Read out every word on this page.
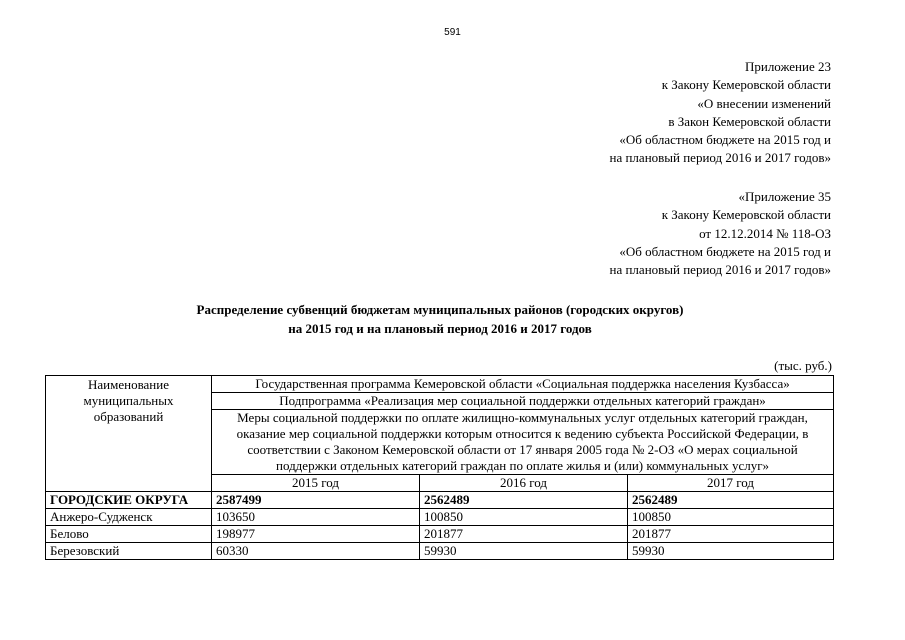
591
Приложение 23
к Закону Кемеровской области
«О внесении изменений
в Закон Кемеровской области
«Об областном бюджете на 2015 год и
на плановый период 2016 и 2017 годов»
«Приложение 35
к Закону Кемеровской области
от 12.12.2014 № 118-ОЗ
«Об областном бюджете на 2015 год и
на плановый период 2016 и 2017 годов»
Распределение субвенций бюджетам муниципальных районов (городских округов)
на 2015 год и на плановый период 2016 и 2017 годов
(тыс. руб.)
Наименование муниципальных образований	Государственная программа Кемеровской области «Социальная поддержка населения Кузбасса»		
	Подпрограмма «Реализация мер социальной поддержки отдельных категорий граждан»		
	Меры социальной поддержки по оплате жилищно-коммунальных услуг отдельных категорий граждан, оказание мер социальной поддержки которым относится к ведению субъекта Российской Федерации, в соответствии с Законом Кемеровской области от 17 января 2005 года № 2-ОЗ «О мерах социальной поддержки отдельных категорий граждан по оплате жилья и (или) коммунальных услуг»		
	2015 год	2016 год	2017 год
ГОРОДСКИЕ ОКРУГА	2587499	2562489	2562489
Анжеро-Судженск	103650	100850	100850
Белово	198977	201877	201877
Березовский	60330	59930	59930
